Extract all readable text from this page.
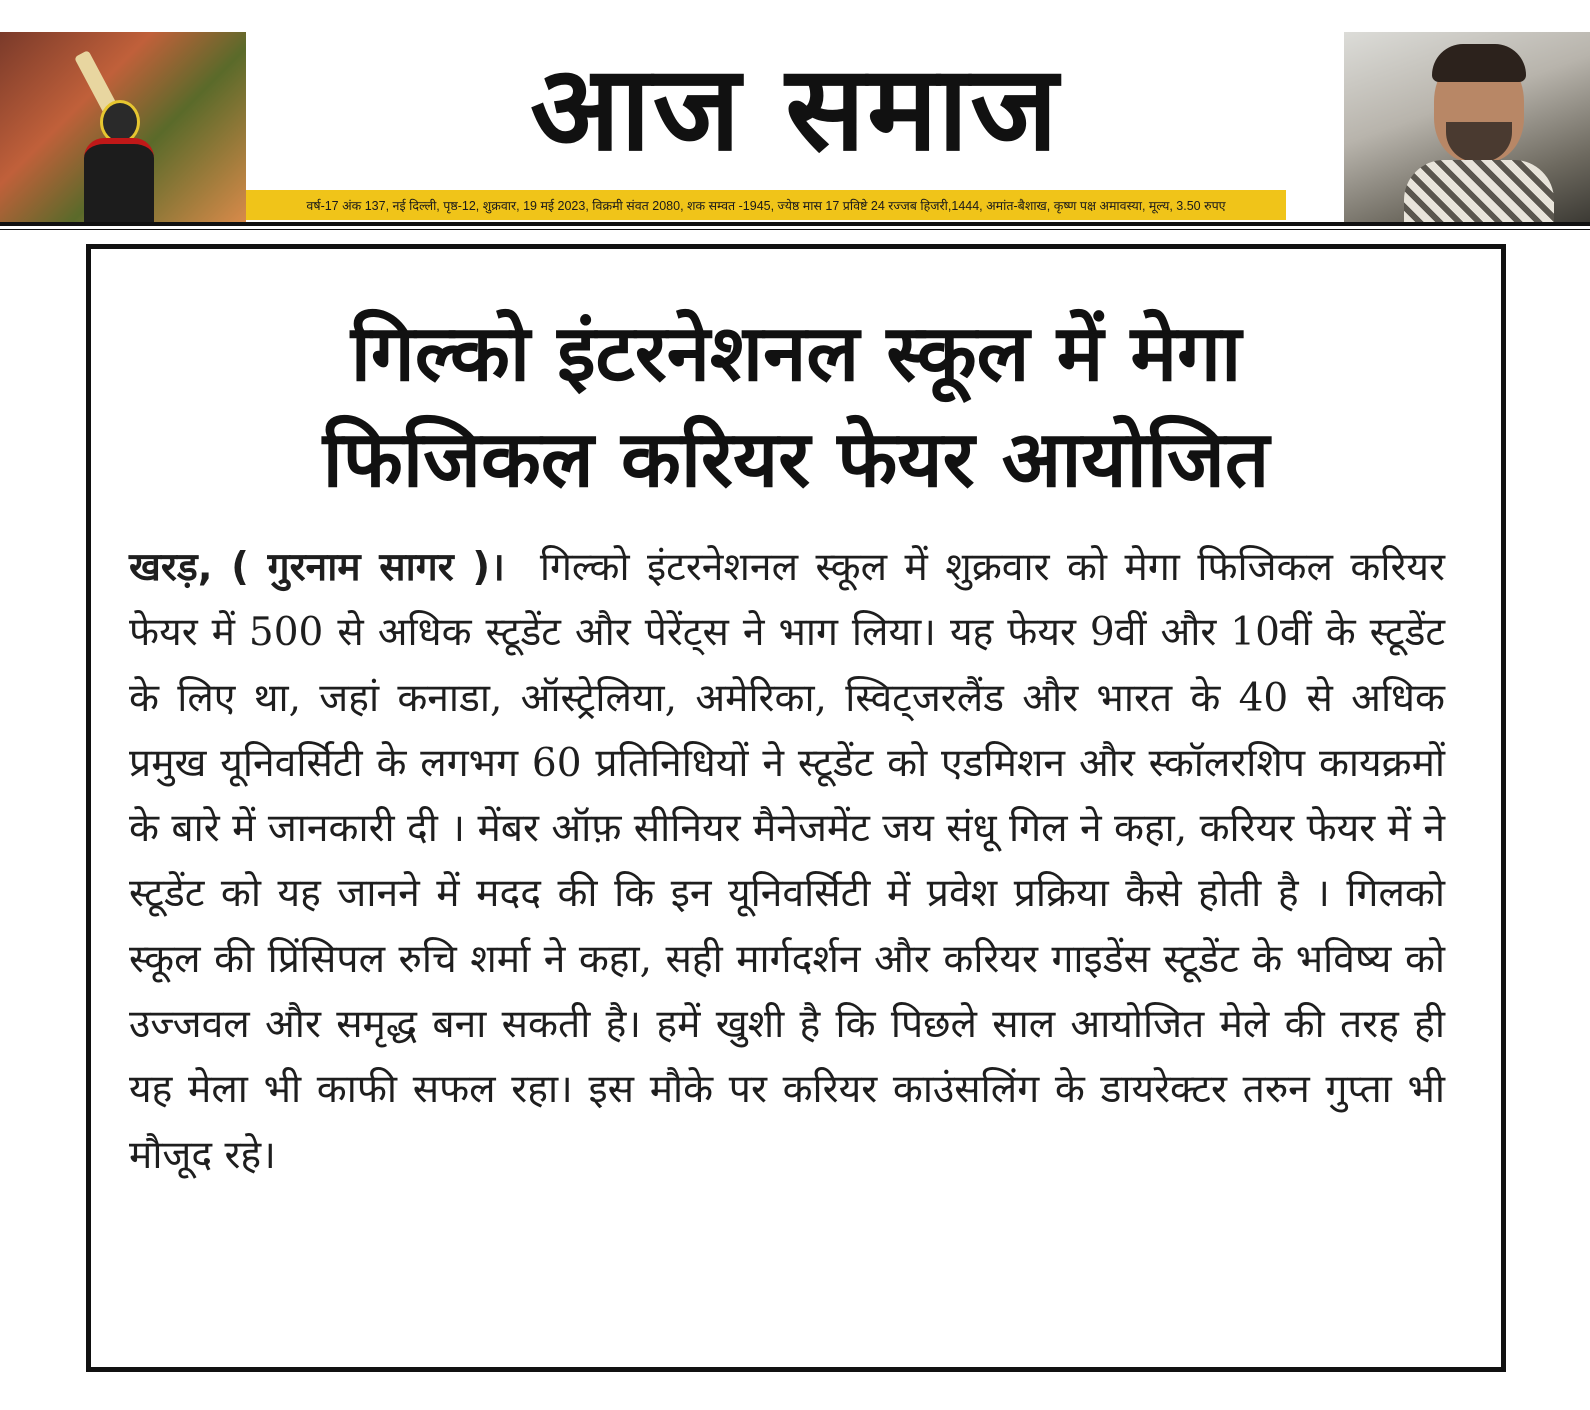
आज समाज
वर्ष-17 अंक 137, नई दिल्ली, पृष्ठ-12, शुक्रवार, 19 मई 2023, विक्रमी संवत 2080, शक सम्वत -1945, ज्येष्ठ मास 17 प्रविष्टे 24 रज्जब हिजरी,1444, अमांत-बैशाख, कृष्ण पक्ष अमावस्या, मूल्य, 3.50 रुपए
गिल्को इंटरनेशनल स्कूल में मेगा
फिजिकल करियर फेयर आयोजित

खरड़, ( गुरनाम सागर )। गिल्को इंटरनेशनल स्कूल में शुक्रवार को मेगा फिजिकल करियर फेयर में 500 से अधिक स्टूडेंट और पेरेंट्स ने भाग लिया। यह फेयर 9वीं और 10वीं के स्टूडेंट के लिए था, जहां कनाडा, ऑस्ट्रेलिया, अमेरिका, स्विट्जरलैंड और भारत के 40 से अधिक प्रमुख यूनिवर्सिटी के लगभग 60 प्रतिनिधियों ने स्टूडेंट को एडमिशन और स्कॉलरशिप कायक्रमों के बारे में जानकारी दी । मेंबर ऑफ़ सीनियर मैनेजमेंट जय संधू गिल ने कहा, करियर फेयर में ने स्टूडेंट को यह जानने में मदद की कि इन यूनिवर्सिटी में प्रवेश प्रक्रिया कैसे होती है । गिलको स्कूल की प्रिंसिपल रुचि शर्मा ने कहा, सही मार्गदर्शन और करियर गाइडेंस स्टूडेंट के भविष्य को उज्जवल और समृद्ध बना सकती है। हमें खुशी है कि पिछले साल आयोजित मेले की तरह ही यह मेला भी काफी सफल रहा। इस मौके पर करियर काउंसलिंग के डायरेक्टर तरुन गुप्ता भी मौजूद रहे।
